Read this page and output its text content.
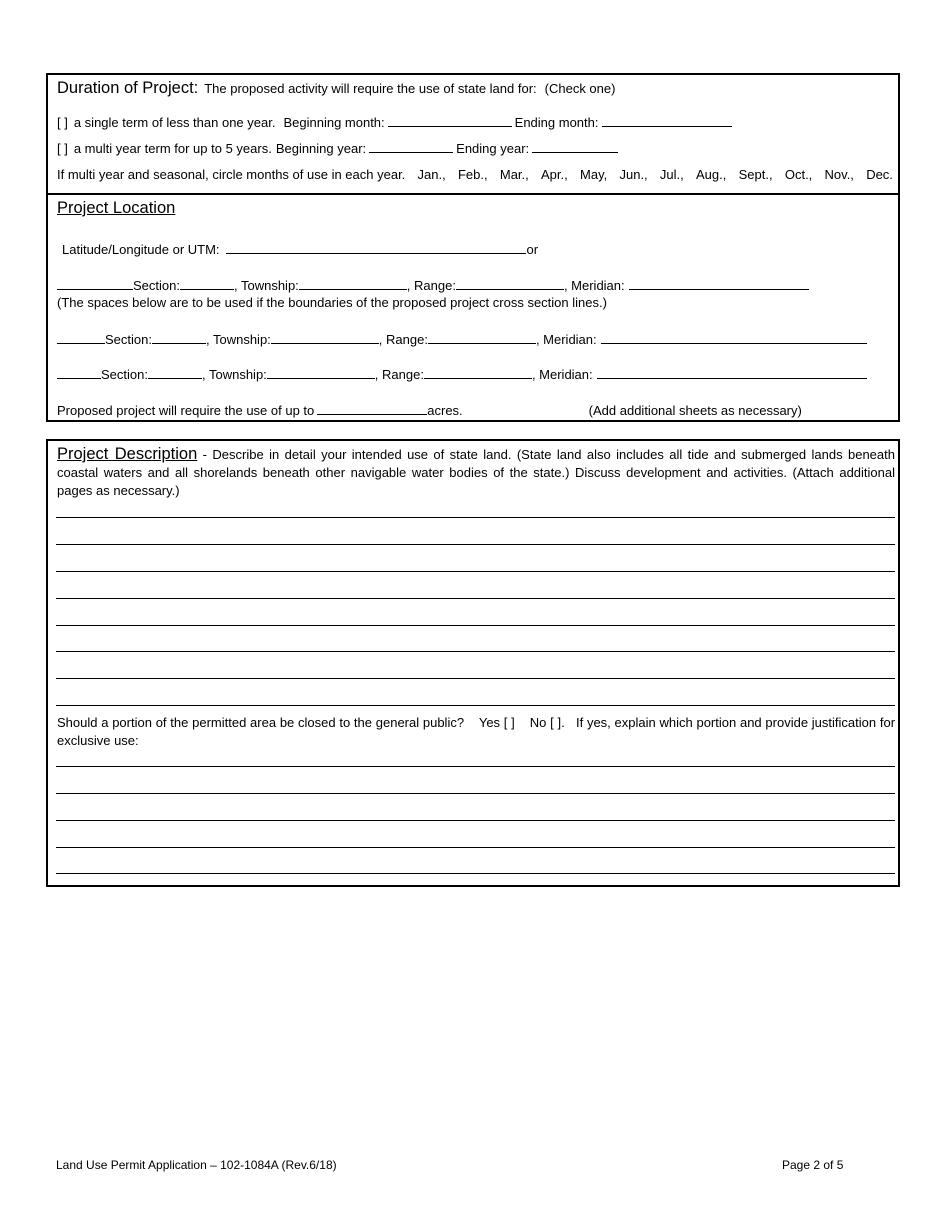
Duration of Project: The proposed activity will require the use of state land for: (Check one)
[ ] a single term of less than one year. Beginning month:	Ending month:
[ ] a multi year term for up to 5 years. Beginning year:	Ending year:
If multi year and seasonal, circle months of use in each year. Jan., Feb., Mar., Apr., May, Jun., Jul., Aug., Sept., Oct., Nov., Dec.
Project Location
Latitude/Longitude or UTM:	or
Section:	, Township:	, Range:	, Meridian:
(The spaces below are to be used if the boundaries of the proposed project cross section lines.)
Section:	, Township:	, Range:	, Meridian:
Section:	, Township:	, Range:	, Meridian:
Proposed project will require the use of up to	acres.	(Add additional sheets as necessary)
Project Description - Describe in detail your intended use of state land. (State land also includes all tide and submerged lands beneath coastal waters and all shorelands beneath other navigable water bodies of the state.) Discuss development and activities. (Attach additional pages as necessary.)
Should a portion of the permitted area be closed to the general public? Yes [ ] No [ ]. If yes, explain which portion and provide justification for exclusive use:
Land Use Permit Application – 102-1084A (Rev.6/18)	Page 2 of 5
